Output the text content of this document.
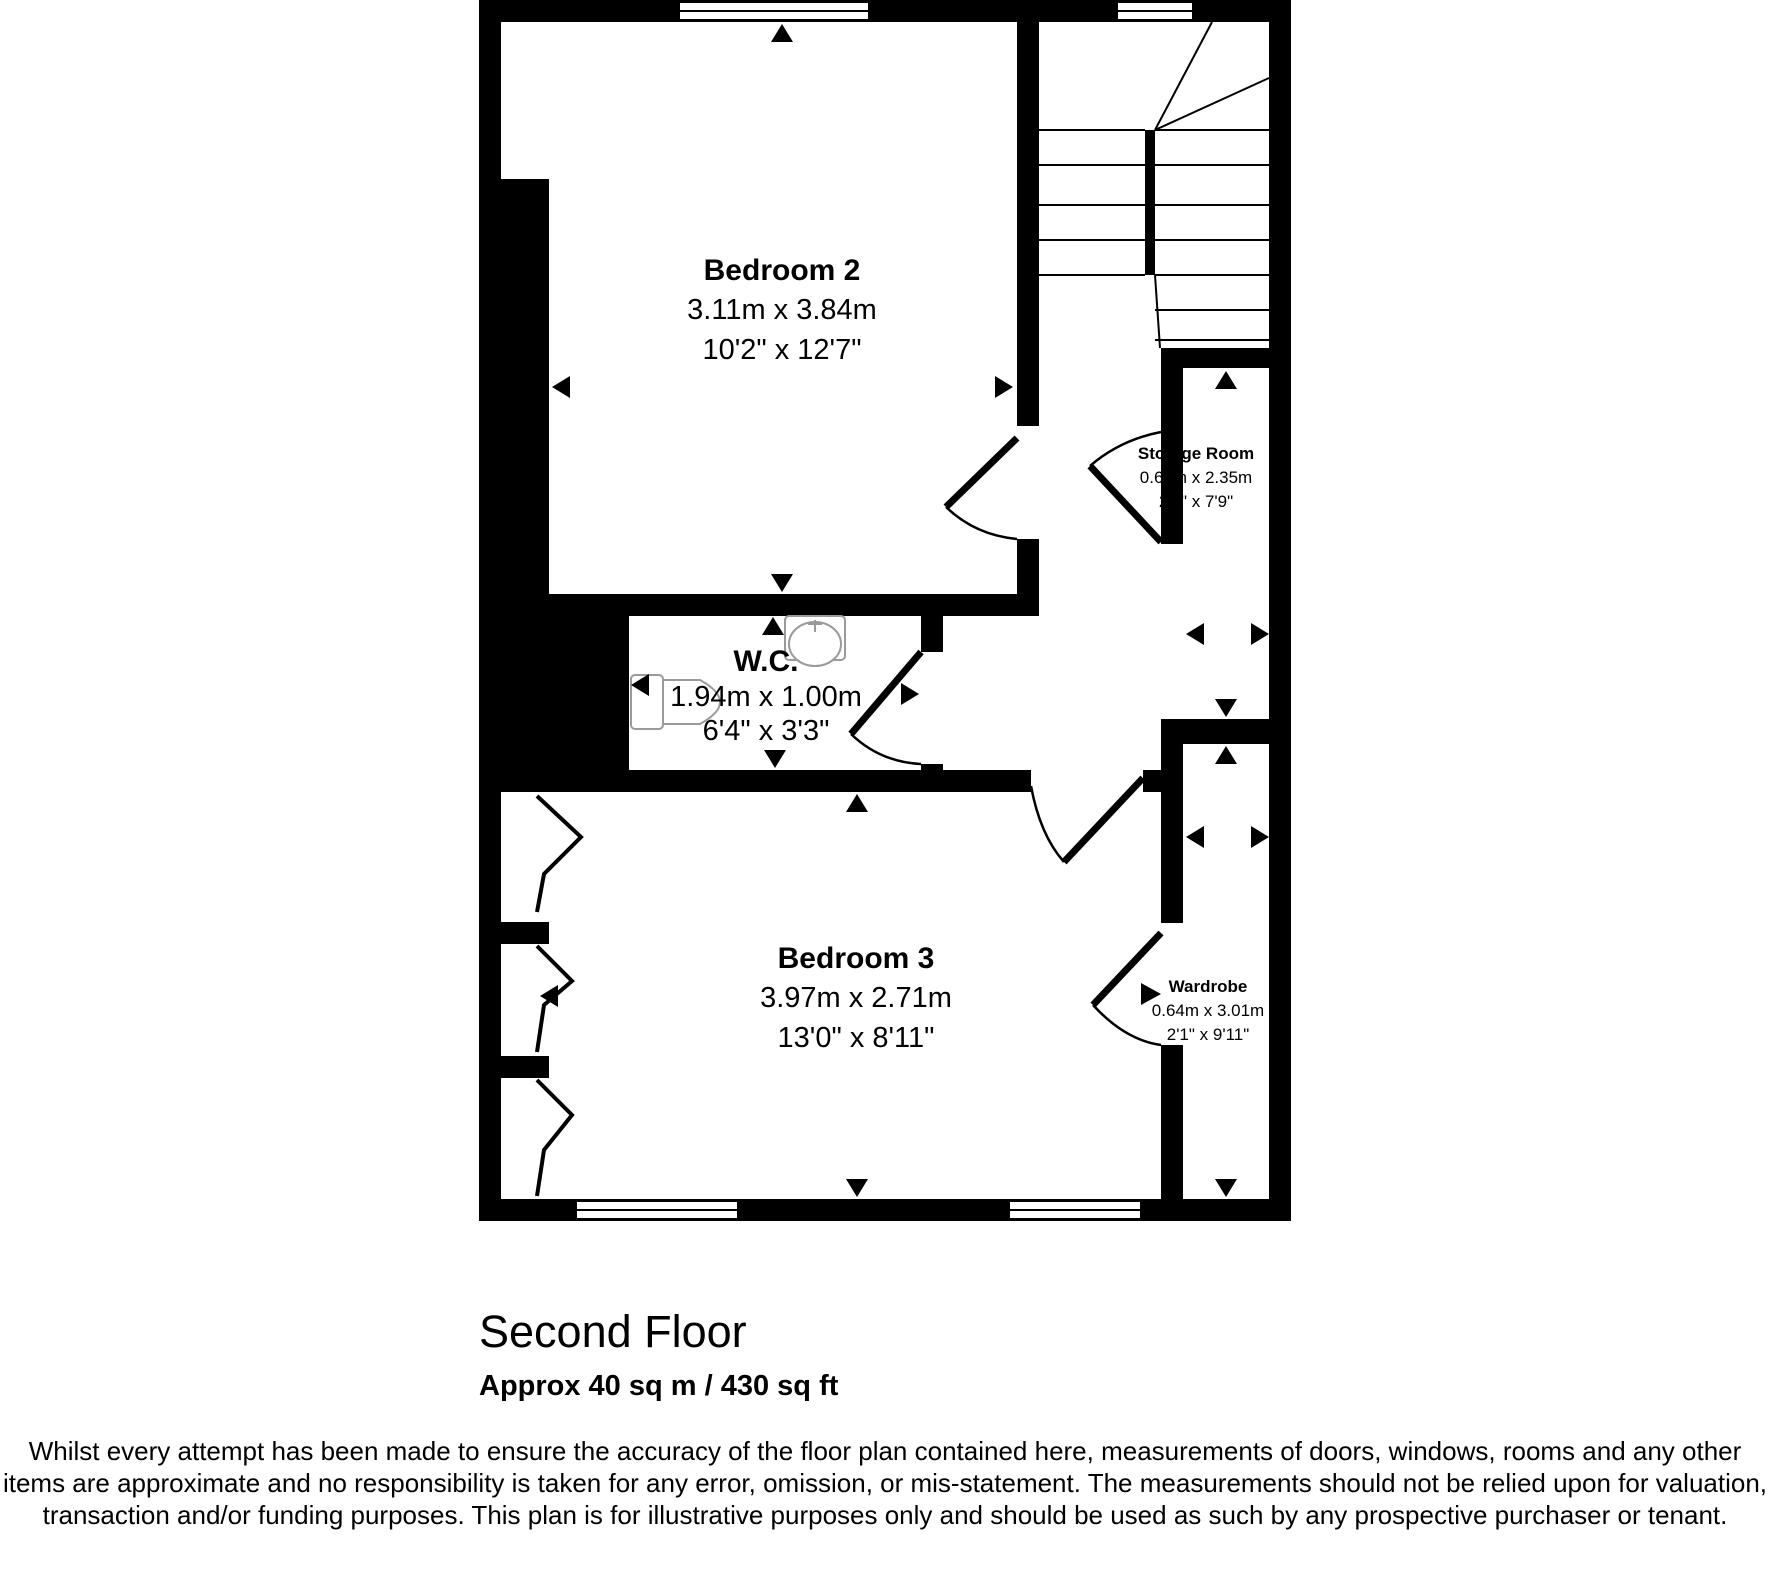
Bedroom 2
3.11m x 3.84m
10'2" x 12'7"
W.C.
1.94m x 1.00m
6'4" x 3'3"
Storage Room
0.66m x 2.35m
2'2" x 7'9"
Bedroom 3
3.97m x 2.71m
13'0" x 8'11"
Wardrobe
0.64m x 3.01m
2'1" x 9'11"
Second Floor
Approx 40 sq m / 430 sq ft
Whilst every attempt has been made to ensure the accuracy of the floor plan contained here, measurements of doors, windows, rooms and any other items are approximate and no responsibility is taken for any error, omission, or mis-statement. The measurements should not be relied upon for valuation, transaction and/or funding purposes. This plan is for illustrative purposes only and should be used as such by any prospective purchaser or tenant.
